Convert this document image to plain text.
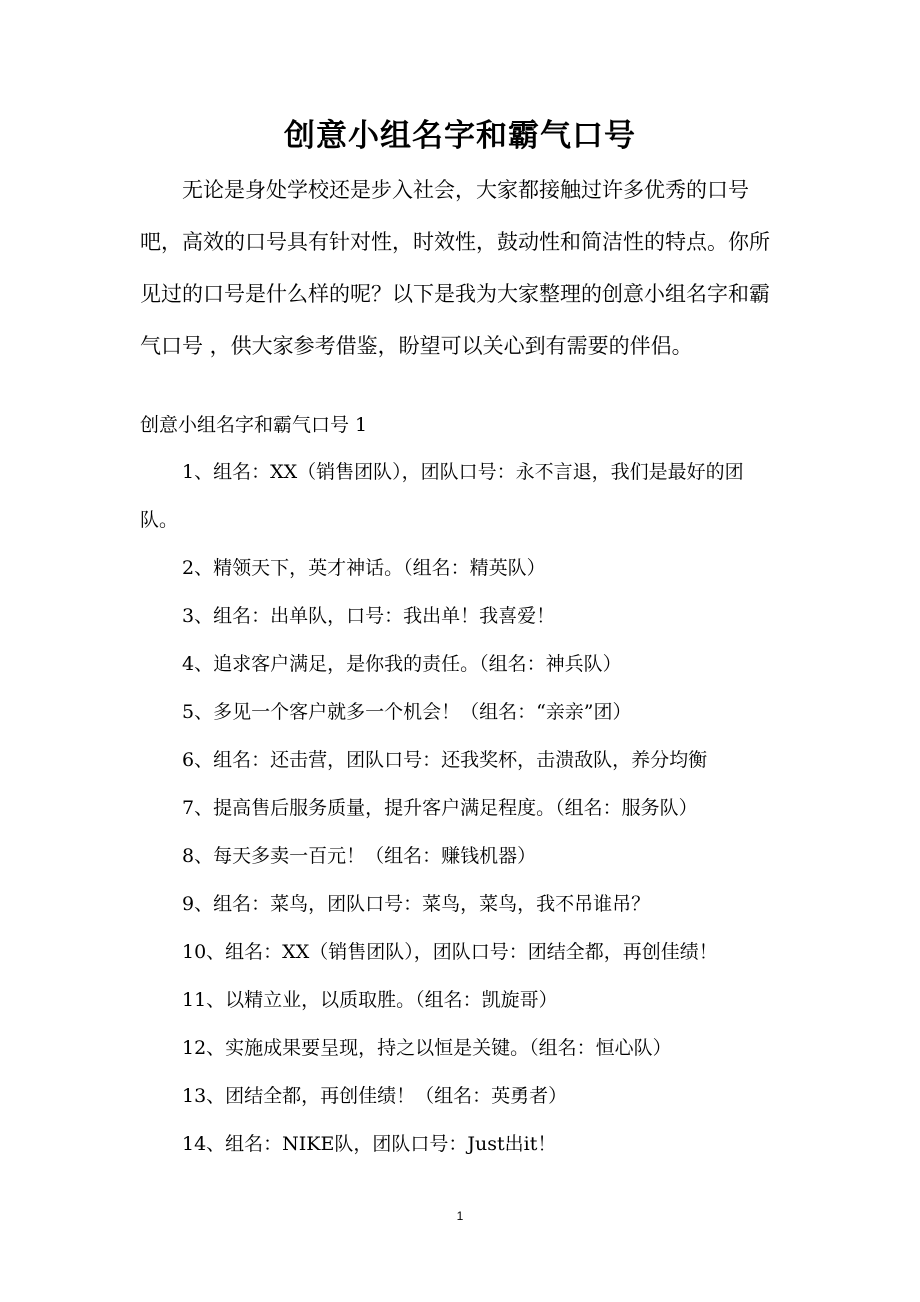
创意小组名字和霸气口号

无论是身处学校还是步入社会，大家都接触过许多优秀的口号吧，高效的口号具有针对性，时效性，鼓动性和简洁性的特点。你所见过的口号是什么样的呢？以下是我为大家整理的创意小组名字和霸气口号 ，供大家参考借鉴，盼望可以关心到有需要的伴侣。

创意小组名字和霸气口号 1
1、组名：XX（销售团队），团队口号：永不言退，我们是最好的团队。
2、精领天下，英才神话。（组名：精英队）
3、组名：出单队，口号：我出单！我喜爱！
4、追求客户满足，是你我的责任。（组名：神兵队）
5、多见一个客户就多一个机会！（组名：“亲亲”团）
6、组名：还击营，团队口号：还我奖杯，击溃敌队，养分均衡
7、提高售后服务质量，提升客户满足程度。（组名：服务队）
8、每天多卖一百元！（组名：赚钱机器）
9、组名：菜鸟，团队口号：菜鸟，菜鸟，我不吊谁吊？
10、组名：XX（销售团队），团队口号：团结全都，再创佳绩！
11、以精立业，以质取胜。（组名：凯旋哥）
12、实施成果要呈现，持之以恒是关键。（组名：恒心队）
13、团结全都，再创佳绩！（组名：英勇者）
14、组名：NIKE队，团队口号：Just出it！
1
